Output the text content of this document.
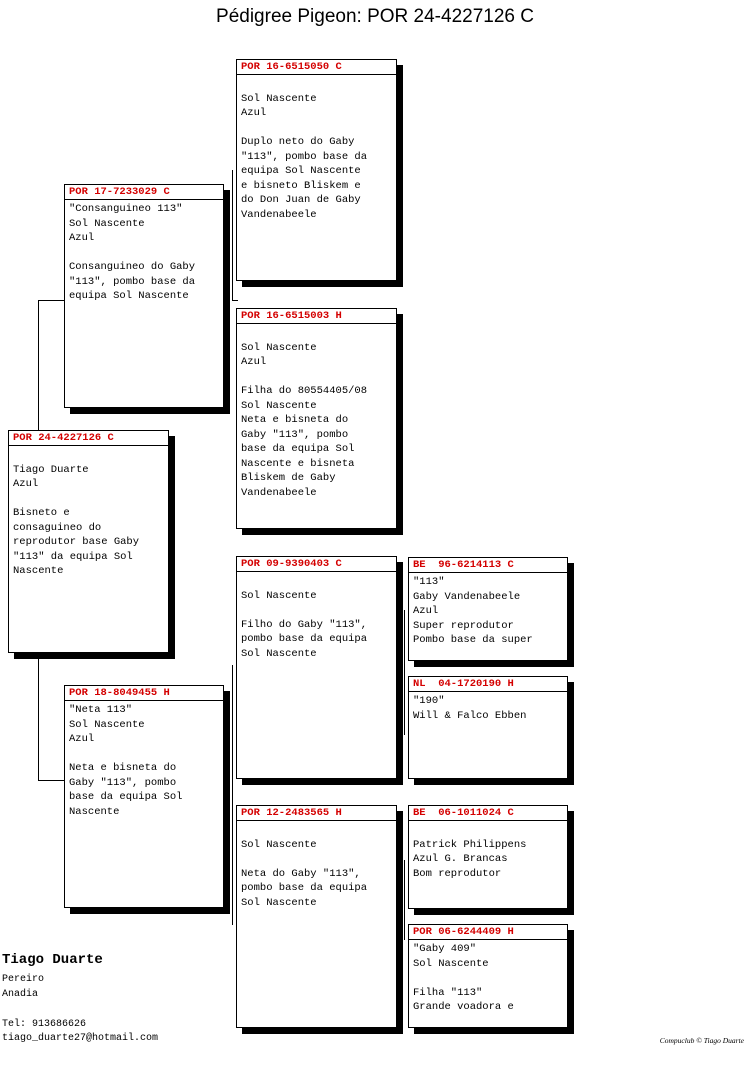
Pédigree Pigeon: POR 24-4227126 C
POR 24-4227126 C

Tiago Duarte
Azul

Bisneto e
consaguineo do
reprodutor base Gaby
"113" da equipa Sol
Nascente
POR 17-7233029 C
"Consanguineo 113"
Sol Nascente
Azul

Consanguineo do Gaby
"113", pombo base da
equipa Sol Nascente
POR 18-8049455 H
"Neta 113"
Sol Nascente
Azul

Neta e bisneta do
Gaby "113", pombo
base da equipa Sol
Nascente
POR 16-6515050 C

Sol Nascente
Azul

Duplo neto do Gaby
"113", pombo base da
equipa Sol Nascente
e bisneto Bliskem e
do Don Juan de Gaby
Vandenabeele
POR 16-6515003 H

Sol Nascente
Azul

Filha do 80554405/08
Sol Nascente
Neta e bisneta do
Gaby "113", pombo
base da equipa Sol
Nascente e bisneta
Bliskem de Gaby
Vandenabeele
POR 09-9390403 C

Sol Nascente

Filho do Gaby "113",
pombo base da equipa
Sol Nascente
POR 12-2483565 H

Sol Nascente

Neta do Gaby "113",
pombo base da equipa
Sol Nascente
BE  96-6214113 C
"113"
Gaby Vandenabeele
Azul
Super reprodutor
Pombo base da super
NL  04-1720190 H
"190"
Will & Falco Ebben
BE  06-1011024 C

Patrick Philippens
Azul G. Brancas
Bom reprodutor
POR 06-6244409 H
"Gaby 409"
Sol Nascente

Filha "113"
Grande voadora e
Tiago Duarte
Pereiro
Anadia
Tel: 913686626
tiago_duarte27@hotmail.com	Compuclub © Tiago Duarte
